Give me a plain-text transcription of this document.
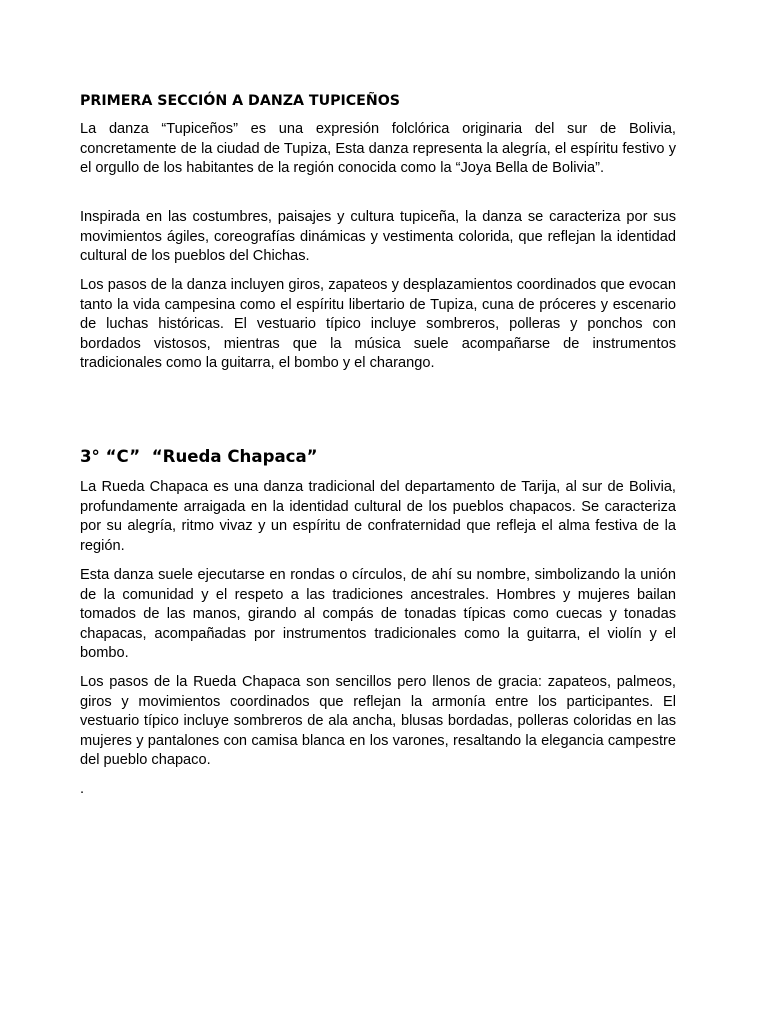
PRIMERA SECCIÓN A DANZA TUPICEÑOS

La danza “Tupiceños” es una expresión folclórica originaria del sur de Bolivia, concretamente de la ciudad de Tupiza, Esta danza representa la alegría, el espíritu festivo y el orgullo de los habitantes de la región conocida como la “Joya Bella de Bolivia”.

Inspirada en las costumbres, paisajes y cultura tupiceña, la danza se caracteriza por sus movimientos ágiles, coreografías dinámicas y vestimenta colorida, que reflejan la identidad cultural de los pueblos del Chichas.

Los pasos de la danza incluyen giros, zapateos y desplazamientos coordinados que evocan tanto la vida campesina como el espíritu libertario de Tupiza, cuna de próceres y escenario de luchas históricas. El vestuario típico incluye sombreros, polleras y ponchos con bordados vistosos, mientras que la música suele acompañarse de instrumentos tradicionales como la guitarra, el bombo y el charango.

3° “C”  “Rueda Chapaca”

La Rueda Chapaca es una danza tradicional del departamento de Tarija, al sur de Bolivia, profundamente arraigada en la identidad cultural de los pueblos chapacos. Se caracteriza por su alegría, ritmo vivaz y un espíritu de confraternidad que refleja el alma festiva de la región.

Esta danza suele ejecutarse en rondas o círculos, de ahí su nombre, simbolizando la unión de la comunidad y el respeto a las tradiciones ancestrales. Hombres y mujeres bailan tomados de las manos, girando al compás de tonadas típicas como cuecas y tonadas chapacas, acompañadas por instrumentos tradicionales como la guitarra, el violín y el bombo.

Los pasos de la Rueda Chapaca son sencillos pero llenos de gracia: zapateos, palmeos, giros y movimientos coordinados que reflejan la armonía entre los participantes. El vestuario típico incluye sombreros de ala ancha, blusas bordadas, polleras coloridas en las mujeres y pantalones con camisa blanca en los varones, resaltando la elegancia campestre del pueblo chapaco.

.
